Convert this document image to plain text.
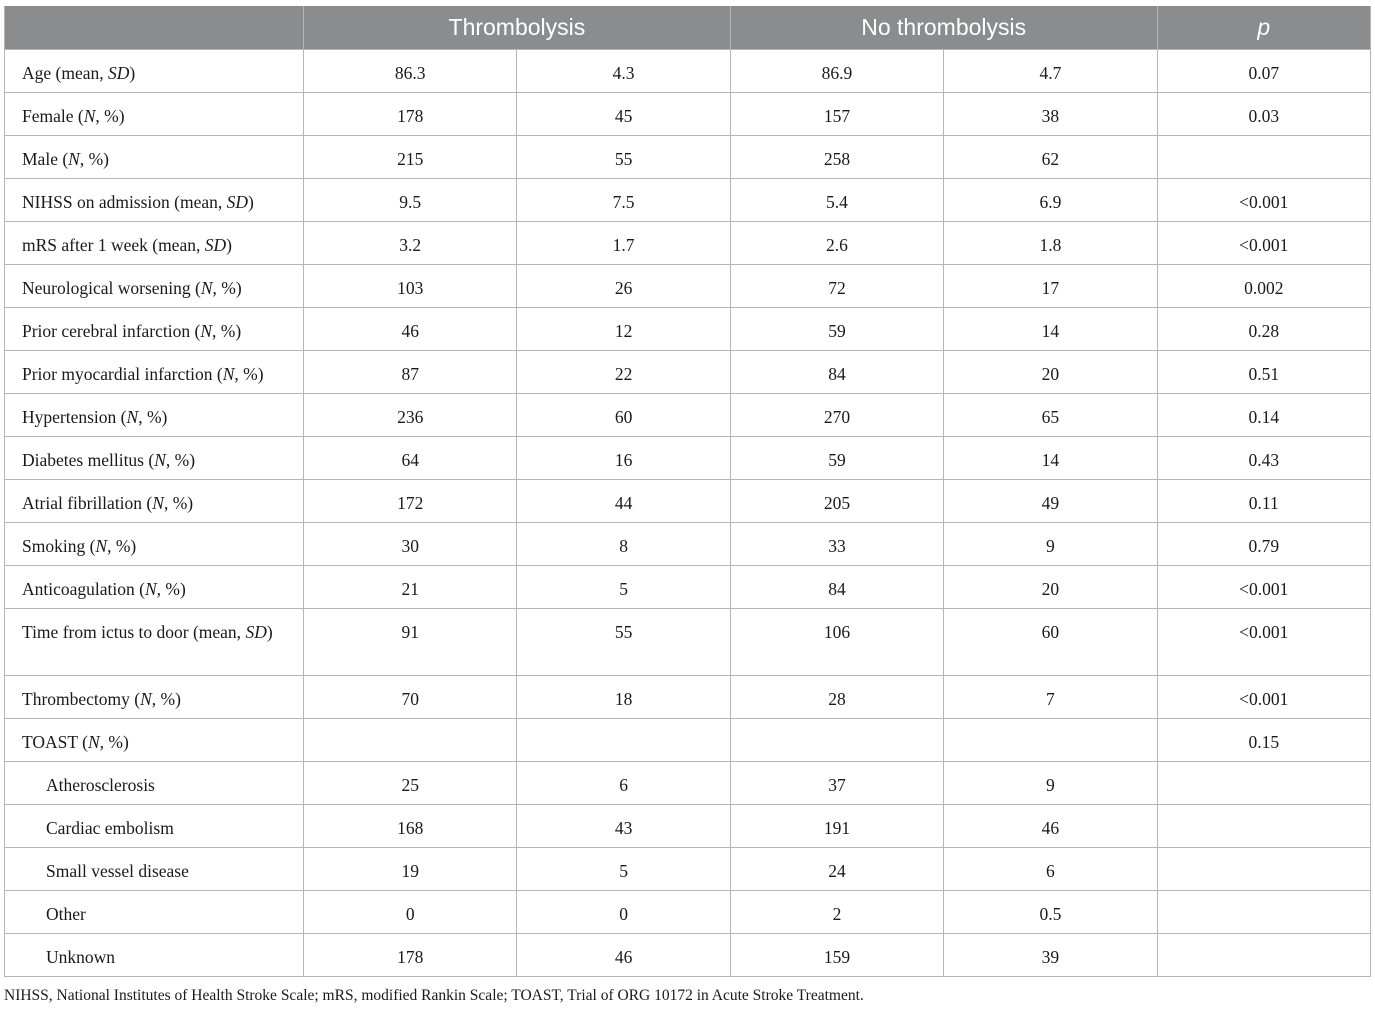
	Thrombolysis		No thrombolysis		p

Age (mean, SD)	86.3	4.3	86.9	4.7	0.07

Female (N, %)	178	45	157	38	0.03

Male (N, %)	215	55	258	62	

NIHSS on admission (mean, SD)	9.5	7.5	5.4	6.9	<0.001

mRS after 1 week (mean, SD)	3.2	1.7	2.6	1.8	<0.001

Neurological worsening (N, %)	103	26	72	17	0.002

Prior cerebral infarction (N, %)	46	12	59	14	0.28

Prior myocardial infarction (N, %)	87	22	84	20	0.51

Hypertension (N, %)	236	60	270	65	0.14

Diabetes mellitus (N, %)	64	16	59	14	0.43

Atrial fibrillation (N, %)	172	44	205	49	0.11

Smoking (N, %)	30	8	33	9	0.79

Anticoagulation (N, %)	21	5	84	20	<0.001

Time from ictus to door (mean, SD)	91	55	106	60	<0.001

Thrombectomy (N, %)	70	18	28	7	<0.001

TOAST (N, %)					0.15

Atherosclerosis	25	6	37	9	

Cardiac embolism	168	43	191	46	

Small vessel disease	19	5	24	6	

Other	0	0	2	0.5	

Unknown	178	46	159	39	

NIHSS, National Institutes of Health Stroke Scale; mRS, modified Rankin Scale; TOAST, Trial of ORG 10172 in Acute Stroke Treatment.
